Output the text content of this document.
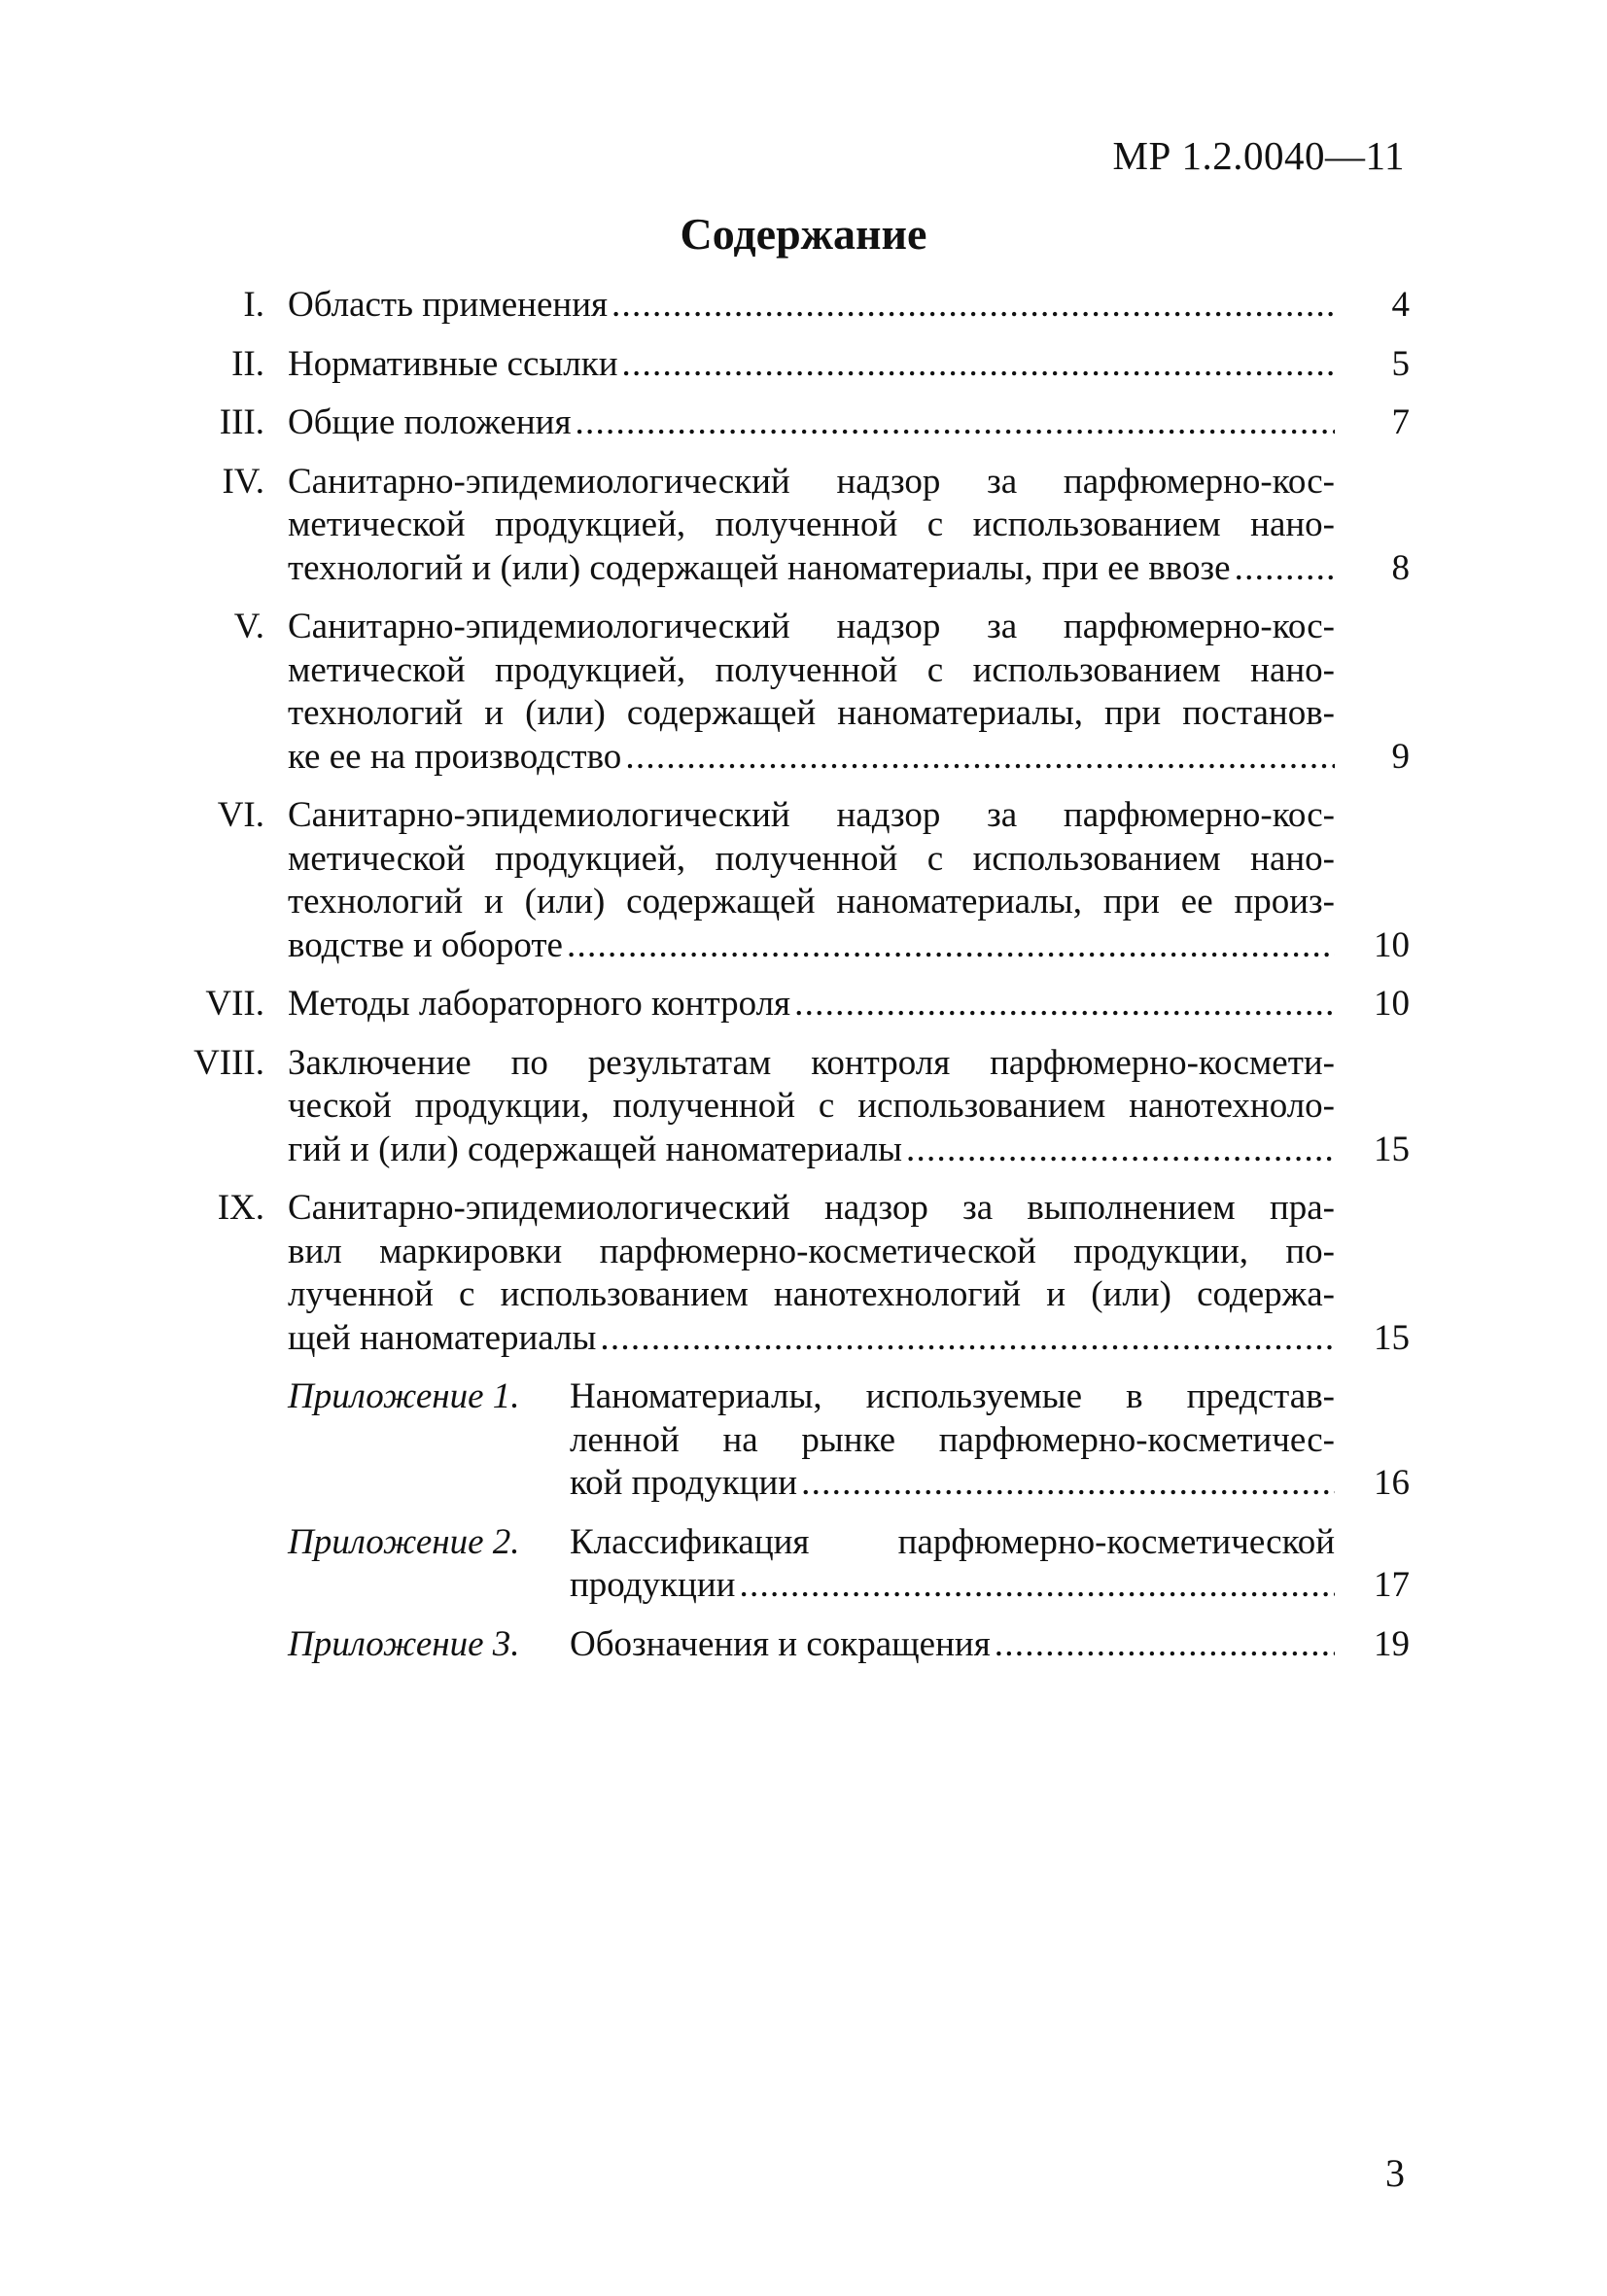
МР 1.2.0040—11
Содержание
I. Область применения . . .	4
II. Нормативные ссылки . . .	5
III. Общие положения . . .	7
IV. Санитарно-эпидемиологический надзор за парфюмерно-кос-
метической продукцией, полученной с использованием нано-
технологий и (или) содержащей наноматериалы, при ее ввозе . . .	8
V. Санитарно-эпидемиологический надзор за парфюмерно-кос-
метической продукцией, полученной с использованием нано-
технологий и (или) содержащей наноматериалы, при постанов-
ке ее на производство . . .	9
VI. Санитарно-эпидемиологический надзор за парфюмерно-кос-
метической продукцией, полученной с использованием нано-
технологий и (или) содержащей наноматериалы, при ее произ-
водстве и обороте . . .	10
VII. Методы лабораторного контроля . . .	10
VIII. Заключение по результатам контроля парфюмерно-космети-
ческой продукции, полученной с использованием нанотехноло-
гий и (или) содержащей наноматериалы . . .	15
IX. Санитарно-эпидемиологический надзор за выполнением пра-
вил маркировки парфюмерно-косметической продукции, по-
лученной с использованием нанотехнологий и (или) содержа-
щей наноматериалы . . .	15
Приложение 1. Наноматериалы, используемые в представ-
ленной на рынке парфюмерно-косметичес-
кой продукции . . .	16
Приложение 2. Классификация парфюмерно-косметической
продукции . . .	17
Приложение 3. Обозначения и сокращения . . .	19
3
